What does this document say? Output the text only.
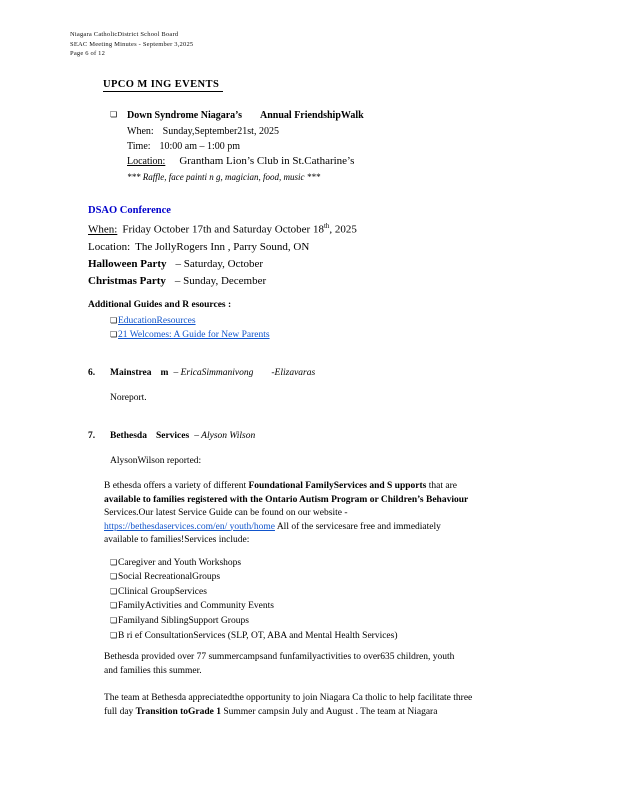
Niagara CatholicDistrict School Board
SEAC Meeting Minutes - September 3,2025
Page 6 of 12
UPCO M ING EVENTS
❏ Down Syndrome Niagara’s Annual FriendshipWalk
When: Sunday,September21st, 2025
Time: 10:00 am – 1:00 pm
Location: Grantham Lion’s Club in St.Catharine’s
*** Raffle, face painti n g, magician, food, music ***
DSAO Conference
When: Friday October 17th and Saturday October 18th, 2025
Location: The JollyRogers Inn , Parry Sound, ON
Halloween Party – Saturday, October
Christmas Party – Sunday, December
Additional Guides and R esources :
❏EducationResources
❏21 Welcomes: A Guide for New Parents
6. Mainstrea m – EricaSimmanivong -Elizavaras
Noreport.
7. Bethesda Services – Alyson Wilson
AlysonWilson reported:
B ethesda offers a variety of different Foundational FamilyServices and S upports that are
available to families registered with the Ontario Autism Program or Children’s Behaviour
Services.Our latest Service Guide can be found on our website -
https://bethesdaservices.com/en/ youth/home All of the servicesare free and immediately
available to families!Services include:
❏Caregiver and Youth Workshops
❏Social RecreationalGroups
❏Clinical GroupServices
❏FamilyActivities and Community Events
❏Familyand SiblingSupport Groups
❏B ri ef ConsultationServices (SLP, OT, ABA and Mental Health Services)
Bethesda provided over 77 summercampsand funfamilyactivities to over635 children, youth
and families this summer.
The team at Bethesda appreciatedthe opportunity to join Niagara Ca tholic to help facilitate three
full day Transition toGrade 1 Summer campsin July and August . The team at Niagara
